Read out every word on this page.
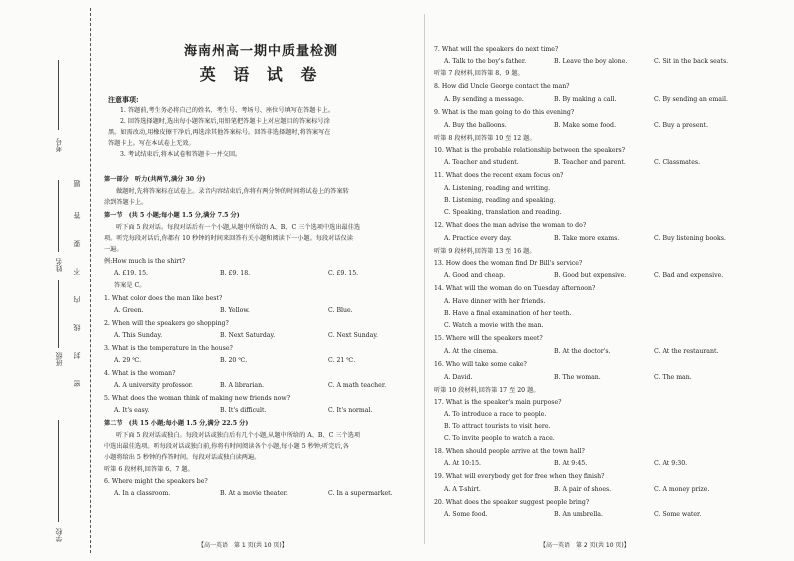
考号
姓名
班级
学校
题
答
要
不
内
线
封
密
海南州高一期中质量检测
英 语 试 卷
注意事项:
1. 答题前,考生务必将自己的姓名、考生号、考场号、座位号填写在答题卡上。
2. 回答选择题时,选出每小题答案后,用铅笔把答题卡上对应题目的答案标号涂
黑。如需改动,用橡皮擦干净后,再选涂其他答案标号。回答非选择题时,将答案写在
答题卡上。写在本试卷上无效。
3. 考试结束后,将本试卷和答题卡一并交回。
第一部分　听力(共两节,满分 30 分)
做题时,先将答案标在试卷上。录音内容结束后,你将有两分钟的时间将试卷上的答案转
涂到答题卡上。
第一节　(共 5 小题;每小题 1.5 分,满分 7.5 分)
听下面 5 段对话。每段对话后有一个小题,从题中所给的 A、B、C 三个选项中选出最佳选
项。听完每段对话后,你都有 10 秒钟的时间来回答有关小题和阅读下一小题。每段对话仅读
一遍。
例:How much is the shirt?
A. £19. 15.	B. £9. 18.	C. £9. 15.
答案是 C。
1. What color does the man like best?
A. Green.	B. Yellow.	C. Blue.
2. When will the speakers go shopping?
A. This Sunday.	B. Next Saturday.	C. Next Sunday.
3. What is the temperature in the house?
A. 29 ℃.	B. 20 ℃.	C. 21 ℃.
4. What is the woman?
A. A university professor.	B. A librarian.	C. A math teacher.
5. What does the woman think of making new friends now?
A. It's easy.	B. It's difficult.	C. It's normal.
第二节　(共 15 小题;每小题 1.5 分,满分 22.5 分)
听下面 5 段对话或独白。每段对话或独白后有几个小题,从题中所给的 A、B、C 三个选项
中选出最佳选项。听每段对话或独白前,你将有时间阅读各个小题,每小题 5 秒钟;听完后,各
小题将给出 5 秒钟的作答时间。每段对话或独白读两遍。
听第 6 段材料,回答第 6、7 题。
6. Where might the speakers be?
A. In a classroom.	B. At a movie theater.	C. In a supermarket.
【高一英语　第 1 页(共 10 页)】
7. What will the speakers do next time?
A. Talk to the boy's father.	B. Leave the boy alone.	C. Sit in the back seats.
听第 7 段材料,回答第 8、9 题。
8. How did Uncle George contact the man?
A. By sending a message.	B. By making a call.	C. By sending an email.
9. What is the man going to do this evening?
A. Buy the balloons.	B. Make some food.	C. Buy a present.
听第 8 段材料,回答第 10 至 12 题。
10. What is the probable relationship between the speakers?
A. Teacher and student.	B. Teacher and parent.	C. Classmates.
11. What does the recent exam focus on?
A. Listening, reading and writing.
B. Listening, reading and speaking.
C. Speaking, translation and reading.
12. What does the man advise the woman to do?
A. Practice every day.	B. Take more exams.	C. Buy listening books.
听第 9 段材料,回答第 13 至 16 题。
13. How does the woman find Dr Bill's service?
A. Good and cheap.	B. Good but expensive.	C. Bad and expensive.
14. What will the woman do on Tuesday afternoon?
A. Have dinner with her friends.
B. Have a final examination of her teeth.
C. Watch a movie with the man.
15. Where will the speakers meet?
A. At the cinema.	B. At the doctor's.	C. At the restaurant.
16. Who will take some cake?
A. David.	B. The woman.	C. The man.
听第 10 段材料,回答第 17 至 20 题。
17. What is the speaker's main purpose?
A. To introduce a race to people.
B. To attract tourists to visit here.
C. To invite people to watch a race.
18. When should people arrive at the town hall?
A. At 10:15.	B. At 9:45.	C. At 9:30.
19. What will everybody get for free when they finish?
A. A T-shirt.	B. A pair of shoes.	C. A money prize.
20. What does the speaker suggest people bring?
A. Some food.	B. An umbrella.	C. Some water.
【高一英语　第 2 页(共 10 页)】
